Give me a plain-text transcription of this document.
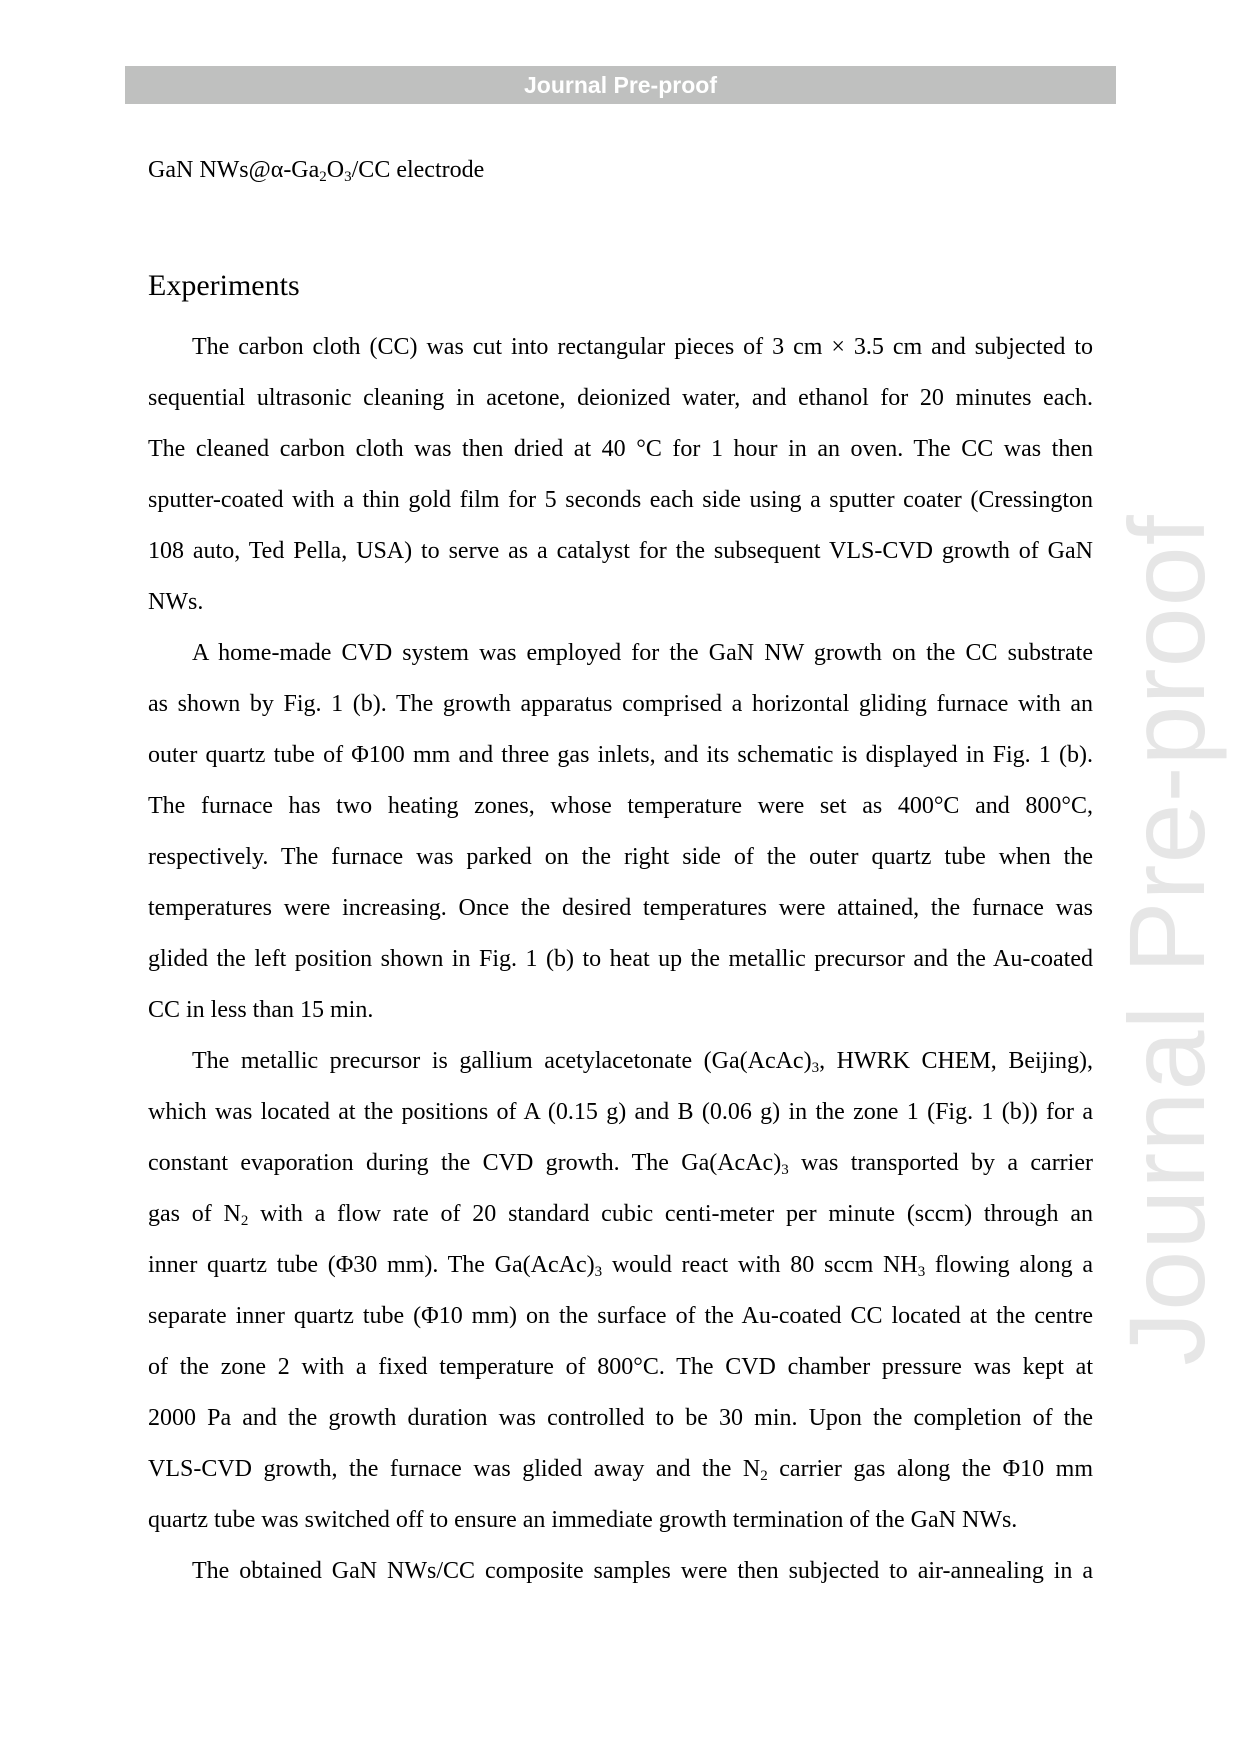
Journal Pre-proof
Journal Pre-proof
GaN $NWs@\alpha-Ga_2O_3/CC$ electrode
Experiments
The carbon cloth (CC) was cut into rectangular pieces of 3 cm × 3.5 cm and subjected to
sequential ultrasonic cleaning in acetone, deionized water, and ethanol for 20 minutes each.
The cleaned carbon cloth was then dried at 40 °C for 1 hour in an oven. The CC was then
sputter-coated with a thin gold film for 5 seconds each side using a sputter coater (Cressington
108 auto, Ted Pella, USA) to serve as a catalyst for the subsequent VLS-CVD growth of GaN
NWs.
A home-made CVD system was employed for the GaN NW growth on the CC substrate
as shown by Fig. 1 (b). The growth apparatus comprised a horizontal gliding furnace with an
outer quartz tube of Φ100 mm and three gas inlets, and its schematic is displayed in Fig. 1 (b).
The furnace has two heating zones, whose temperature were set as 400°C and 800°C,
respectively. The furnace was parked on the right side of the outer quartz tube when the
temperatures were increasing. Once the desired temperatures were attained, the furnace was
glided the left position shown in Fig. 1 (b) to heat up the metallic precursor and the Au-coated
CC in less than 15 min.
The metallic precursor is gallium acetylacetonate ($Ga(AcAc)_3$, HWRK CHEM, Beijing),
which was located at the positions of A (0.15 g) and B (0.06 g) in the zone 1 (Fig. 1 (b)) for a
constant evaporation during the CVD growth. The $Ga(AcAc)_3$ was transported by a carrier
gas of $N_2$ with a flow rate of 20 standard cubic centi-meter per minute (sccm) through an
inner quartz tube (Φ30 mm). The $Ga(AcAc)_3$ would react with 80 sccm $NH_3$ flowing along a
separate inner quartz tube (Φ10 mm) on the surface of the Au-coated CC located at the centre
of the zone 2 with a fixed temperature of 800°C. The CVD chamber pressure was kept at
2000 Pa and the growth duration was controlled to be 30 min. Upon the completion of the
VLS-CVD growth, the furnace was glided away and the $N_2$ carrier gas along the Φ10 mm
quartz tube was switched off to ensure an immediate growth termination of the GaN NWs.
The obtained GaN NWs/CC composite samples were then subjected to air-annealing in a
